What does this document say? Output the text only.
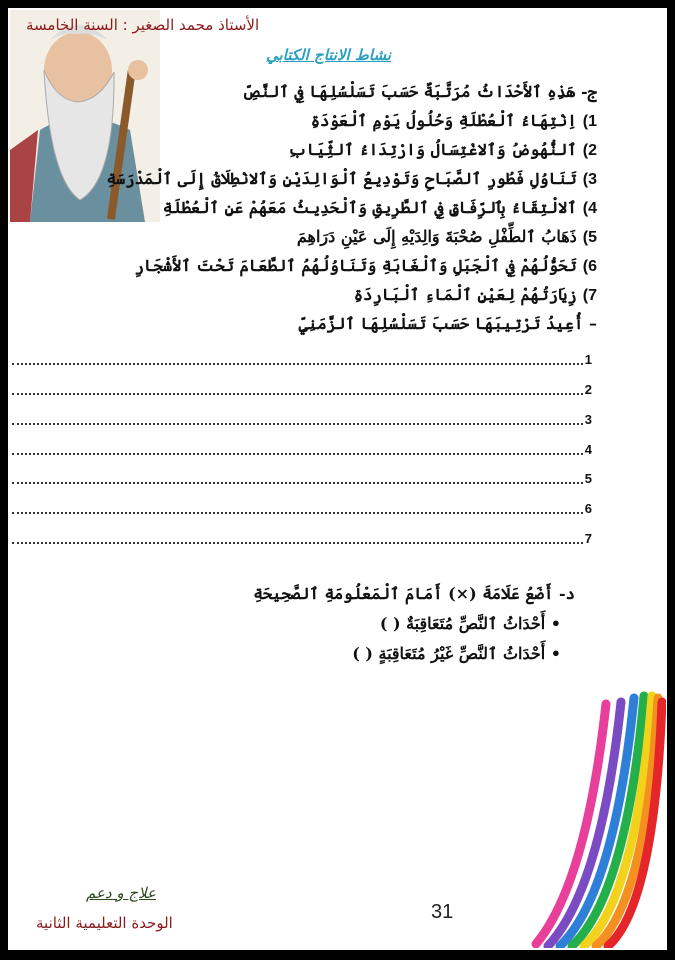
الأستاذ محمد الصغير : السنة الخامسة
نشاط الانتاج الكتابي
ج- هَذِهِ ٱلأَحْدَاثُ مُرَتَّبَةٌ حَسَبَ تَسَلْسُلِهَا فِي ٱلنَّصِّ
1)اِنْتِهَاءُ ٱلْعُطْلَةِ وَحُلُولُ يَوْمِ ٱلْعَوْدَةِ
2)ٱلنُّهُوضُ وَٱلاغْتِسَالُ وَارْتِدَاءُ ٱلثِّيَابِ
3)تَنَاوُلِ فَطُورِ ٱلصَّبَاحِ وَتَوْدِيعُ ٱلْوَالِدَيْنِ وَٱلانْطِلَاقُ إِلَى ٱلْمَدْرَسَةِ
4)ٱلالْتِقَاءُ بِٱلرِّفَاقِ فِي ٱلطَّرِيقِ وَٱلْحَدِيثُ مَعَهُمْ عَنِ ٱلْعُطْلَةِ
5)ذَهَابُ ٱلطِّفْلِ صُحْبَةَ وَالِدَيْهِ إِلَى عَيْنِ دَرَاهِمَ
6)تَحَوُّلُهُمْ فِي ٱلْجَبَلِ وَٱلْغَابَةِ وَتَنَاوُلُهُمُ ٱلطَّعَامَ تَحْتَ ٱلأَشْجَارِ
7)زِيَارَتُهُمْ لِعَيْنِ ٱلْمَاءِ ٱلْبَارِدَةِ
– أُعِيدُ تَرْتِيبَهَا حَسَبَ تَسَلْسُلِهَا ٱلزَّمَنِيِّ
1
2
3
4
5
6
7
د- أَضَعُ عَلَامَةَ (×) أَمَامَ ٱلْمَعْلُومَةِ ٱلصَّحِيحَةِ
• أَحْدَاثُ ٱلنَّصِّ مُتَعَاقِبَةٌ ( )
• أَحْدَاثُ ٱلنَّصِّ غَيْرُ مُتَعَاقِبَةٍ ( )
علاج و دعم
الوحدة التعليمية الثانية	31
